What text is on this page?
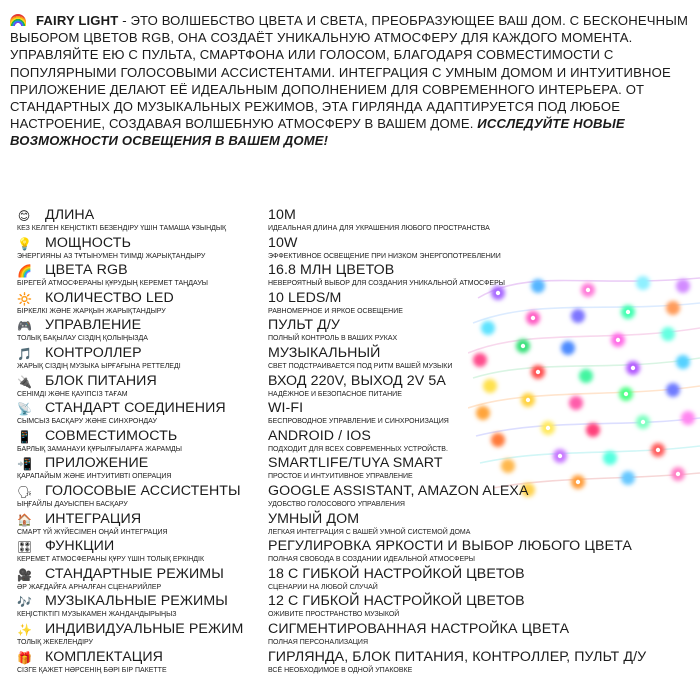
FAIRY LIGHT - ЭТО ВОЛШЕБСТВО ЦВЕТА И СВЕТА, ПРЕОБРАЗУЮЩЕЕ ВАШ ДОМ. С БЕСКОНЕЧНЫМ ВЫБОРОМ ЦВЕТОВ RGB, ОНА СОЗДАЁТ УНИКАЛЬНУЮ АТМОСФЕРУ ДЛЯ КАЖДОГО МОМЕНТА. УПРАВЛЯЙТЕ ЕЮ С ПУЛЬТА, СМАРТФОНА ИЛИ ГОЛОСОМ, БЛАГОДАРЯ СОВМЕСТИМОСТИ С ПОПУЛЯРНЫМИ ГОЛОСОВЫМИ АССИСТЕНТАМИ. ИНТЕГРАЦИЯ С УМНЫМ ДОМОМ И ИНТУИТИВНОЕ ПРИЛОЖЕНИЕ ДЕЛАЮТ ЕЁ ИДЕАЛЬНЫМ ДОПОЛНЕНИЕМ ДЛЯ СОВРЕМЕННОГО ИНТЕРЬЕРА. ОТ СТАНДАРТНЫХ ДО МУЗЫКАЛЬНЫХ РЕЖИМОВ, ЭТА ГИРЛЯНДА АДАПТИРУЕТСЯ ПОД ЛЮБОЕ НАСТРОЕНИЕ, СОЗДАВАЯ ВОЛШЕБНУЮ АТМОСФЕРУ В ВАШЕМ ДОМЕ. ИССЛЕДУЙТЕ НОВЫЕ ВОЗМОЖНОСТИ ОСВЕЩЕНИЯ В ВАШЕМ ДОМЕ!
😊 ДЛИНА
КЕЗ КЕЛГЕН КЕҢІСТІКТІ БЕЗЕНДІРУ ҮШІН ТАМАША ҰЗЫНДЫҚ
10M
ИДЕАЛЬНАЯ ДЛИНА ДЛЯ УКРАШЕНИЯ ЛЮБОГО ПРОСТРАНСТВА
💡 МОЩНОСТЬ
ЭНЕРГИЯНЫ АЗ ТҰТЫНУМЕН ТИІМДІ ЖАРЫҚТАНДЫРУ
10W
ЭФФЕКТИВНОЕ ОСВЕЩЕНИЕ ПРИ НИЗКОМ ЭНЕРГОПОТРЕБЛЕНИИ
🌈 ЦВЕТА RGB
БІРЕГЕЙ АТМОСФЕРАНЫ ҚҰРУДЫҢ КЕРЕМЕТ ТАҢДАУЫ
16.8 МЛН ЦВЕТОВ
НЕВЕРОЯТНЫЙ ВЫБОР ДЛЯ СОЗДАНИЯ УНИКАЛЬНОЙ АТМОСФЕРЫ
🔆 КОЛИЧЕСТВО LED
БІРКЕЛКІ ЖӘНЕ ЖАРҚЫН ЖАРЫҚТАНДЫРУ
10 LEDS/M
РАВНОМЕРНОЕ И ЯРКОЕ ОСВЕЩЕНИЕ
🎮 УПРАВЛЕНИЕ
ТОЛЫҚ БАҚЫЛАУ СІЗДІҢ ҚОЛЫҢЫЗДА
ПУЛЬТ Д/У
ПОЛНЫЙ КОНТРОЛЬ В ВАШИХ РУКАХ
🎵 КОНТРОЛЛЕР
ЖАРЫҚ СІЗДІҢ МУЗЫКА ЫРҒАҒЫНА РЕТТЕЛЕДІ
МУЗЫКАЛЬНЫЙ
СВЕТ ПОДСТРАИВАЕТСЯ ПОД РИТМ ВАШЕЙ МУЗЫКИ
🔌 БЛОК ПИТАНИЯ
СЕНІМДІ ЖӘНЕ ҚАУІПСІЗ ТАҒАМ
ВХОД 220V, ВЫХОД 2V 5A
НАДЁЖНОЕ И БЕЗОПАСНОЕ ПИТАНИЕ
📡 СТАНДАРТ СОЕДИНЕНИЯ
СЫМСЫЗ БАСҚАРУ ЖӘНЕ СИНХРОНДАУ
WI-FI
БЕСПРОВОДНОЕ УПРАВЛЕНИЕ И СИНХРОНИЗАЦИЯ
📱 СОВМЕСТИМОСТЬ
БАРЛЫҚ ЗАМАНАУИ ҚҰРЫЛҒЫЛАРҒА ЖАРАМДЫ
ANDROID / IOS
ПОДХОДИТ ДЛЯ ВСЕХ СОВРЕМЕННЫХ УСТРОЙСТВ.
📲 ПРИЛОЖЕНИЕ
ҚАРАПАЙЫМ ЖӘНЕ ИНТУИТИВТІ ОПЕРАЦИЯ
SMARTLIFE/TUYA SMART
ПРОСТОЕ И ИНТУИТИВНОЕ УПРАВЛЕНИЕ
🗣 ГОЛОСОВЫЕ АССИСТЕНТЫ
ЫҢҒАЙЛЫ ДАУЫСПЕН БАСҚАРУ
GOOGLE ASSISTANT, AMAZON ALEXA
УДОБСТВО ГОЛОСОВОГО УПРАВЛЕНИЯ
🏠 ИНТЕГРАЦИЯ
СМАРТ ҮЙ ЖҮЙЕСІМЕН ОҢАЙ ИНТЕГРАЦИЯ
УМНЫЙ ДОМ
ЛЕГКАЯ ИНТЕГРАЦИЯ С ВАШЕЙ УМНОЙ СИСТЕМОЙ ДОМА
🎛 ФУНКЦИИ
КЕРЕМЕТ АТМОСФЕРАНЫ ҚҰРУ ҮШІН ТОЛЫҚ ЕРКІНДІК
РЕГУЛИРОВКА ЯРКОСТИ И ВЫБОР ЛЮБОГО ЦВЕТА
ПОЛНАЯ СВОБОДА В СОЗДАНИИ ИДЕАЛЬНОЙ АТМОСФЕРЫ
🎥 СТАНДАРТНЫЕ РЕЖИМЫ
ӘР ЖАҒДАЙҒА АРНАЛҒАН СЦЕНАРИЙЛЕР
18 С ГИБКОЙ НАСТРОЙКОЙ ЦВЕТОВ
СЦЕНАРИИ НА ЛЮБОЙ СЛУЧАЙ
🎶 МУЗЫКАЛЬНЫЕ РЕЖИМЫ
КЕҢІСТІКТІГІ МУЗЫКАМЕН ЖАНДАНДЫРЫҢЫЗ
12 С ГИБКОЙ НАСТРОЙКОЙ ЦВЕТОВ
ОЖИВИТЕ ПРОСТРАНСТВО МУЗЫКОЙ
✨ ИНДИВИДУАЛЬНЫЕ РЕЖИМ
ТОЛЫҚ ЖЕКЕЛЕНДІРУ
СИГМЕНТИРОВАННАЯ НАСТРОЙКА ЦВЕТА
ПОЛНАЯ ПЕРСОНАЛИЗАЦИЯ
🎁 КОМПЛЕКТАЦИЯ
СІЗГЕ ҚАЖЕТ НӘРСЕНІҢ БӘРІ БІР ПАКЕТТЕ
ГИРЛЯНДА, БЛОК ПИТАНИЯ, КОНТРОЛЛЕР, ПУЛЬТ Д/У
ВСЁ НЕОБХОДИМОЕ В ОДНОЙ УПАКОВКЕ
